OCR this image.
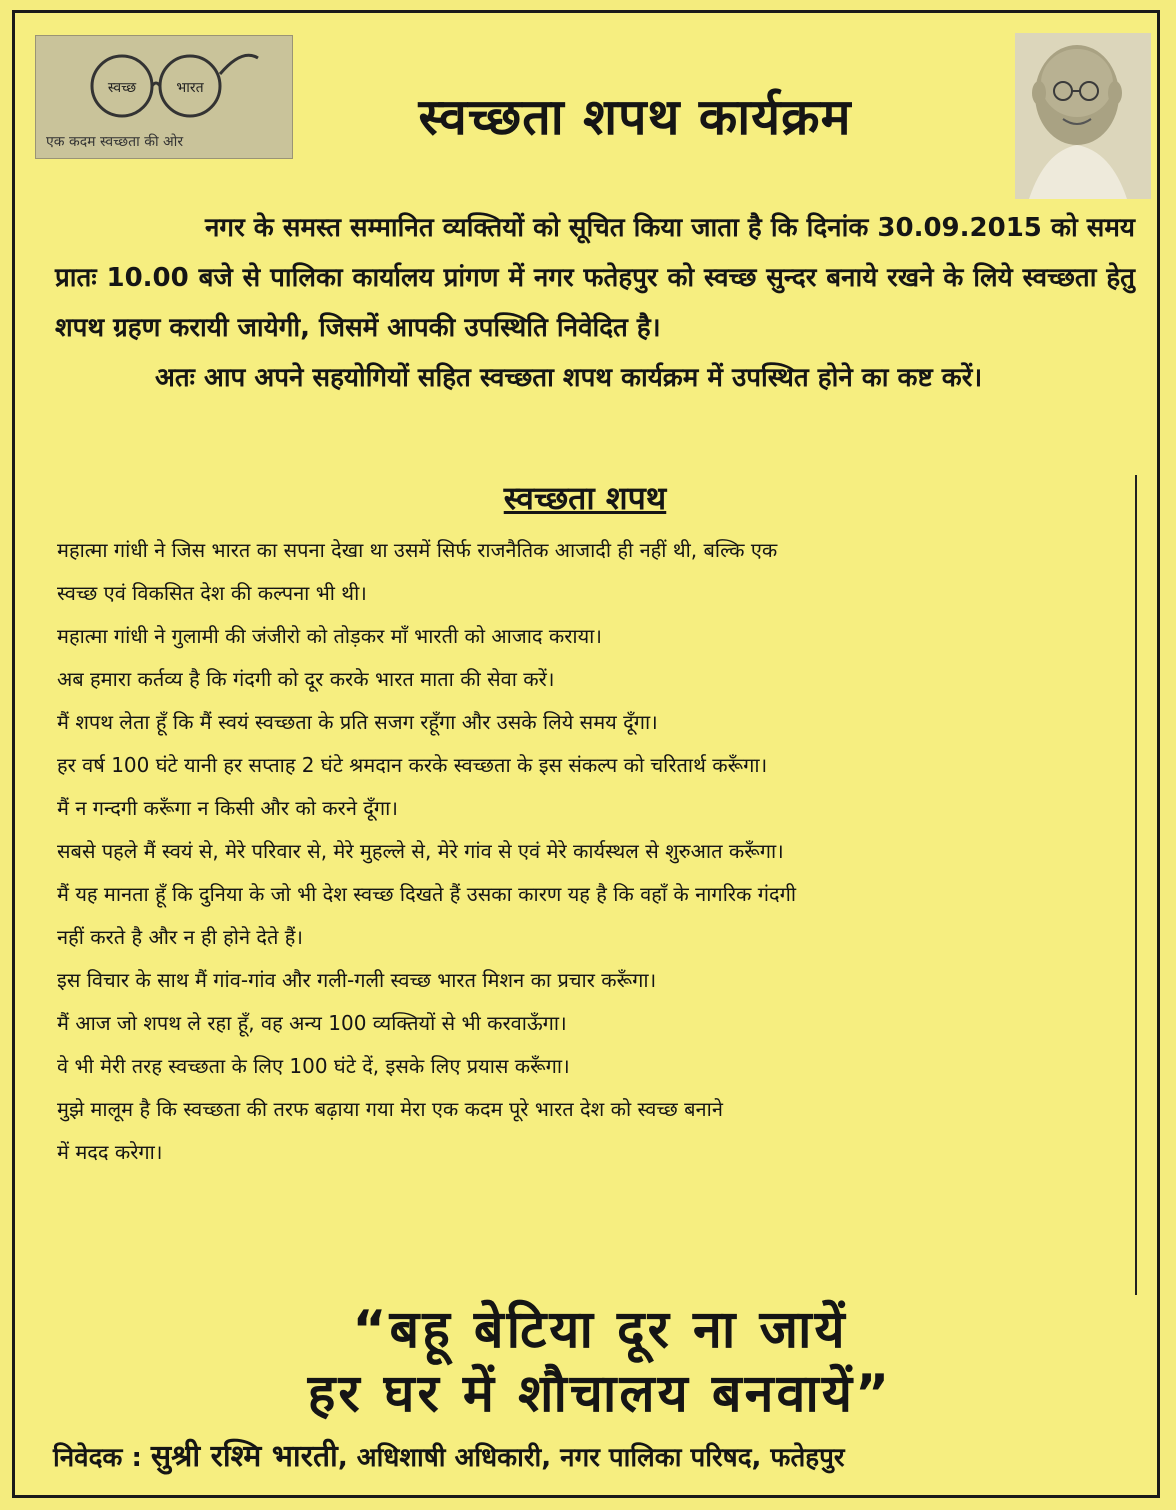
स्वच्छ	भारत
एक कदम स्वच्छता की ओर	स्वच्छता शपथ कार्यक्रम

नगर के समस्त सम्मानित व्यक्तियों को सूचित किया जाता है कि दिनांक 30.09.2015 को समय प्रातः 10.00 बजे से पालिका कार्यालय प्रांगण में नगर फतेहपुर को स्वच्छ सुन्दर बनाये रखने के लिये स्वच्छता हेतु शपथ ग्रहण करायी जायेगी, जिसमें आपकी उपस्थिति निवेदित है।

अतः आप अपने सहयोगियों सहित स्वच्छता शपथ कार्यक्रम में उपस्थित होने का कष्ट करें।

स्वच्छता शपथ
महात्मा गांधी ने जिस भारत का सपना देखा था उसमें सिर्फ राजनैतिक आजादी ही नहीं थी, बल्कि एक
स्वच्छ एवं विकसित देश की कल्पना भी थी।
महात्मा गांधी ने गुलामी की जंजीरो को तोड़कर माँ भारती को आजाद कराया।
अब हमारा कर्तव्य है कि गंदगी को दूर करके भारत माता की सेवा करें।
मैं शपथ लेता हूँ कि मैं स्वयं स्वच्छता के प्रति सजग रहूँगा और उसके लिये समय दूँगा।
हर वर्ष 100 घंटे यानी हर सप्ताह 2 घंटे श्रमदान करके स्वच्छता के इस संकल्प को चरितार्थ करूँगा।
मैं न गन्दगी करूँगा न किसी और को करने दूँगा।
सबसे पहले मैं स्वयं से, मेरे परिवार से, मेरे मुहल्ले से, मेरे गांव से एवं मेरे कार्यस्थल से शुरुआत करूँगा।
मैं यह मानता हूँ कि दुनिया के जो भी देश स्वच्छ दिखते हैं उसका कारण यह है कि वहाँ के नागरिक गंदगी
नहीं करते है और न ही होने देते हैं।
इस विचार के साथ मैं गांव-गांव और गली-गली स्वच्छ भारत मिशन का प्रचार करूँगा।
मैं आज जो शपथ ले रहा हूँ, वह अन्य 100 व्यक्तियों से भी करवाऊँगा।
वे भी मेरी तरह स्वच्छता के लिए 100 घंटे दें, इसके लिए प्रयास करूँगा।
मुझे मालूम है कि स्वच्छता की तरफ बढ़ाया गया मेरा एक कदम पूरे भारत देश को स्वच्छ बनाने
में मदद करेगा।
“बहू बेटिया दूर ना जायें
हर घर में शौचालय बनवायें”
निवेदक : सुश्री रश्मि भारती, अधिशाषी अधिकारी, नगर पालिका परिषद, फतेहपुर
